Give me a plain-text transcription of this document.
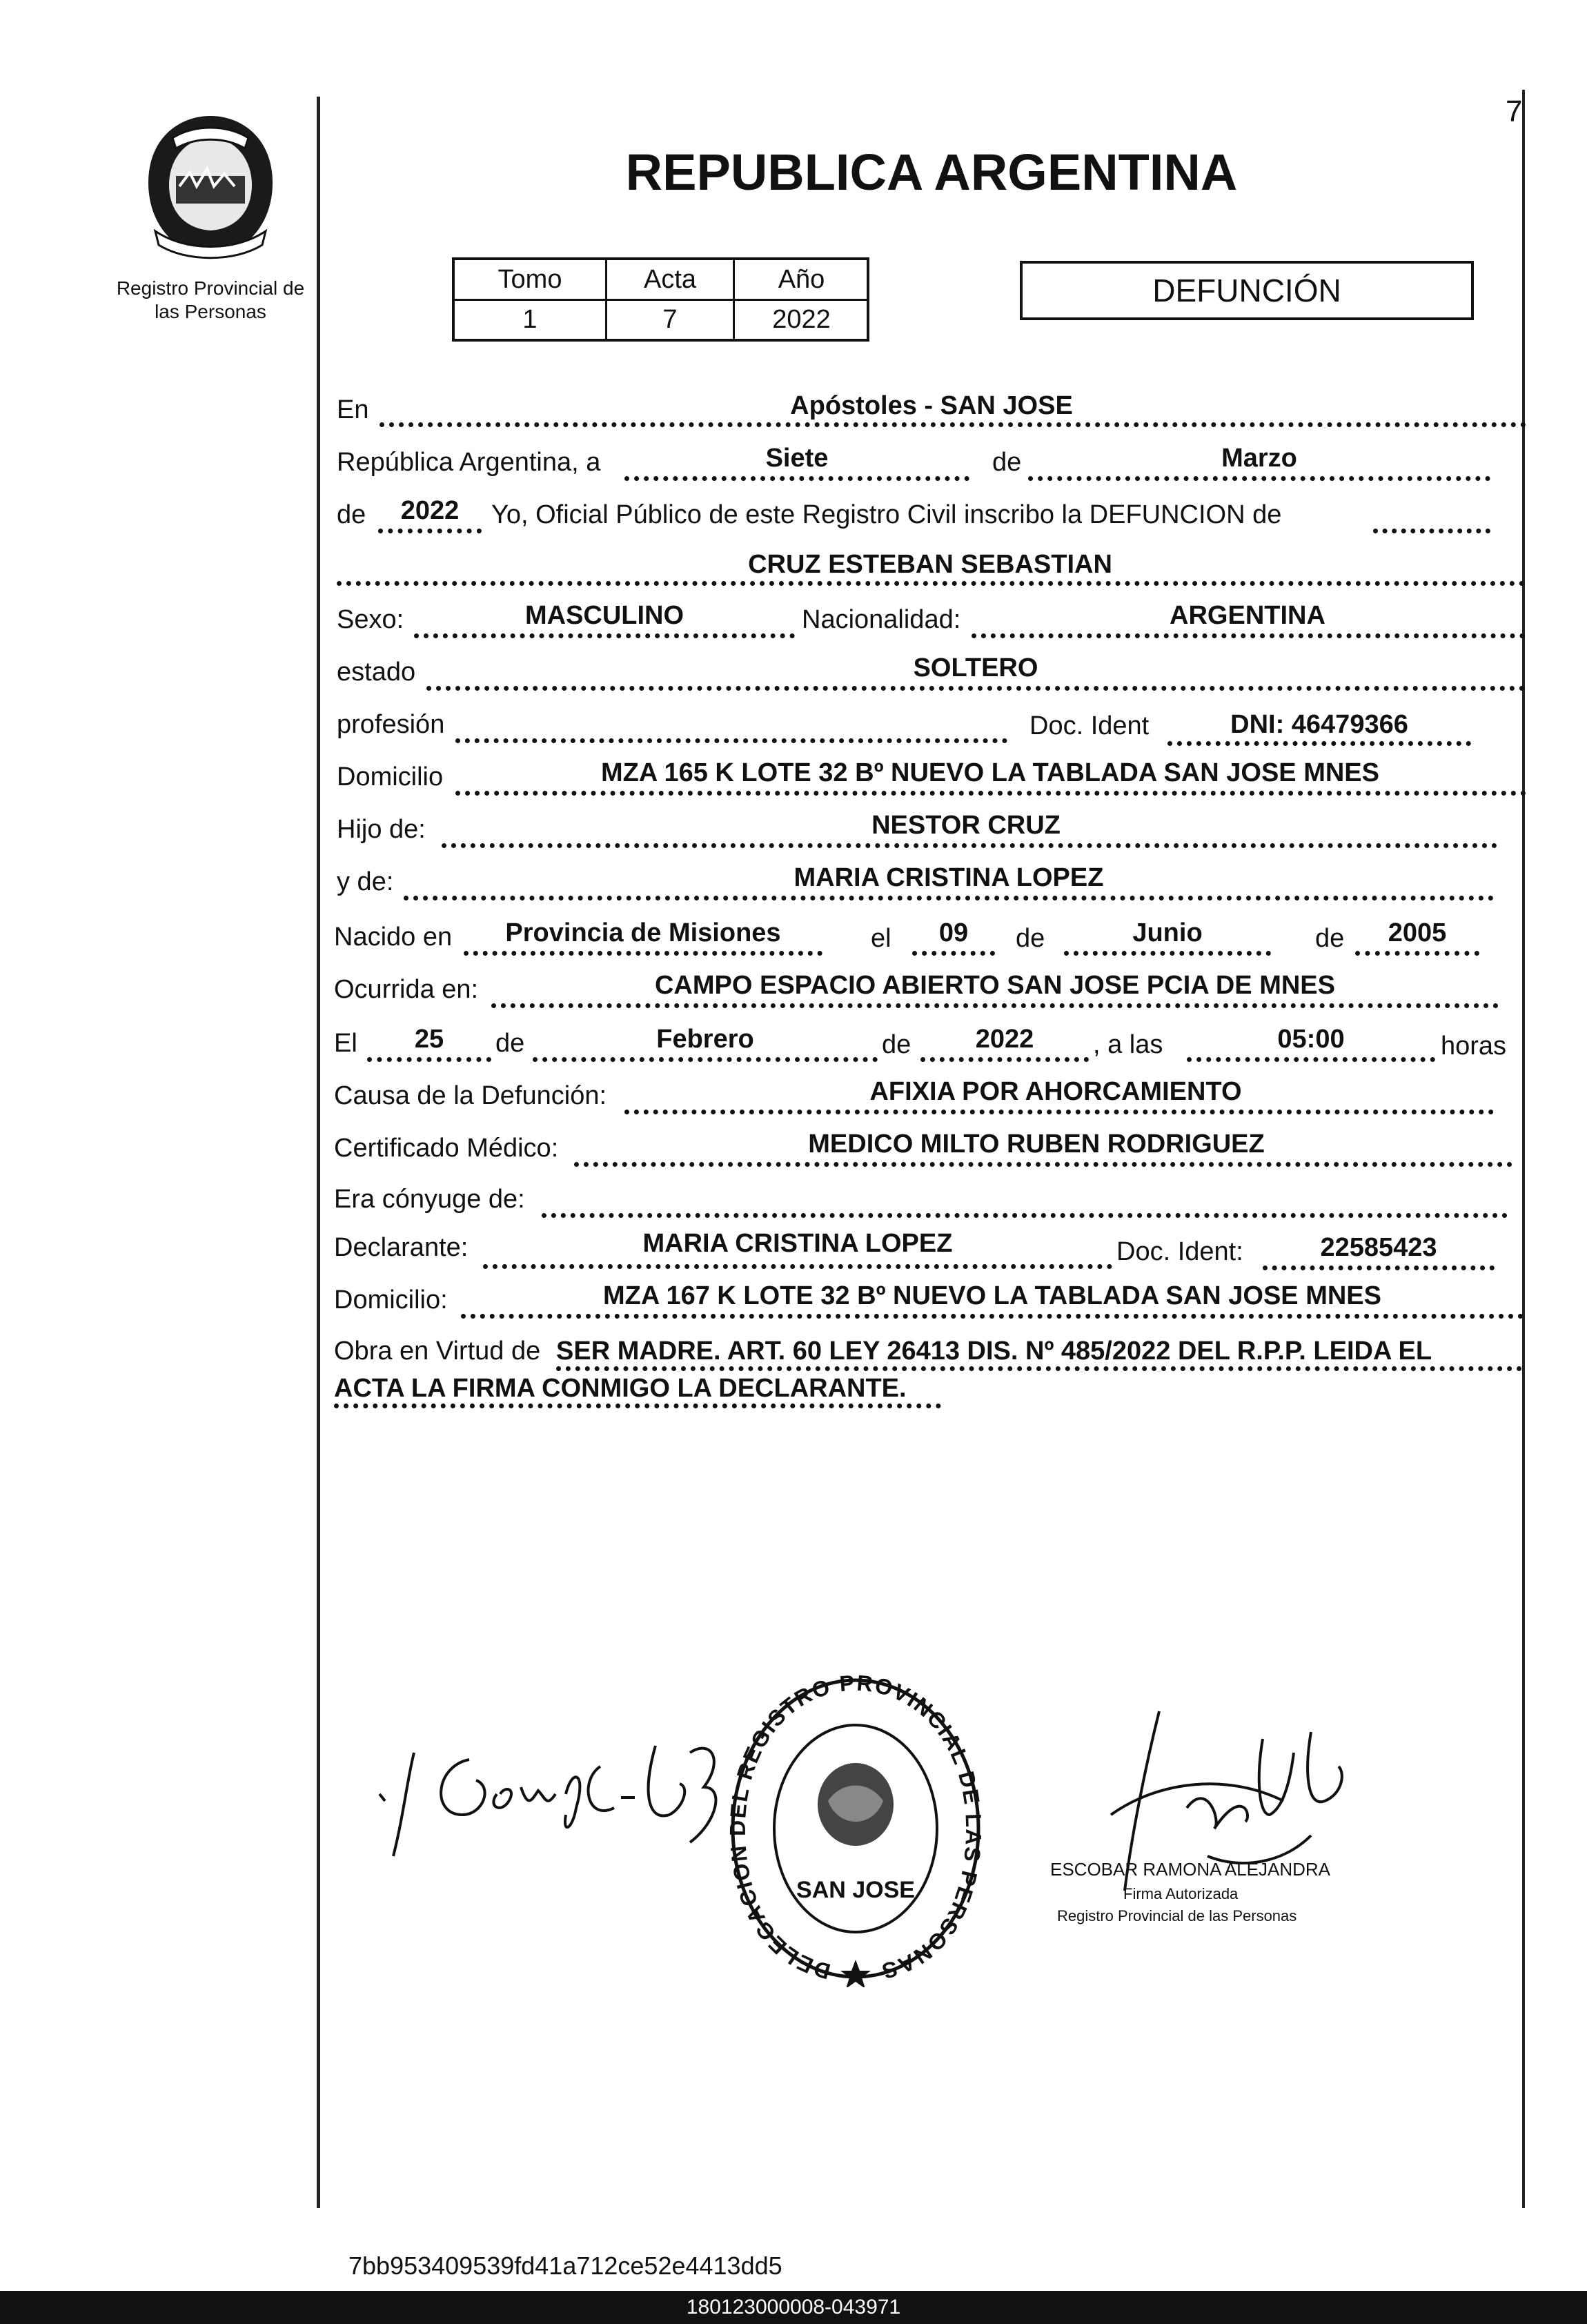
7
Registro Provincial de
las Personas
REPUBLICA ARGENTINA
Tomo	Acta	Año
1	7	2022
DEFUNCIÓN
En	Apóstoles - SAN JOSE
República Argentina, a	Siete	de	Marzo
de	2022	Yo, Oficial Público de este Registro Civil inscribo la DEFUNCION de
CRUZ ESTEBAN SEBASTIAN
Sexo:	MASCULINO	Nacionalidad:	ARGENTINA
estado	SOLTERO
profesión	Doc. Ident	DNI: 46479366
Domicilio	MZA 165 K LOTE 32 Bº NUEVO LA TABLADA SAN JOSE MNES
Hijo de:	NESTOR CRUZ
y de:	MARIA CRISTINA LOPEZ
Nacido en	Provincia de Misiones	el	09	de	Junio	de	2005
Ocurrida en:	CAMPO ESPACIO ABIERTO SAN JOSE PCIA DE MNES
El	25	de	Febrero	de	2022	, a las	05:00	horas
Causa de la Defunción:	AFIXIA POR AHORCAMIENTO
Certificado Médico:	MEDICO MILTO RUBEN RODRIGUEZ
Era cónyuge de:
Declarante:	MARIA CRISTINA LOPEZ	Doc. Ident:	22585423
Domicilio:	MZA 167 K LOTE 32 Bº NUEVO LA TABLADA SAN JOSE MNES
Obra en Virtud de SER MADRE. ART. 60 LEY 26413 DIS. Nº 485/2022 DEL R.P.P. LEIDA EL
ACTA LA FIRMA CONMIGO LA DECLARANTE.
DELEGACION DEL REGISTRO PROVINCIAL DE LAS PERSONAS
SAN JOSE
ESCOBAR RAMONA ALEJANDRA
Firma Autorizada
Registro Provincial de las Personas
7bb953409539fd41a712ce52e4413dd5
180123000008-043971
